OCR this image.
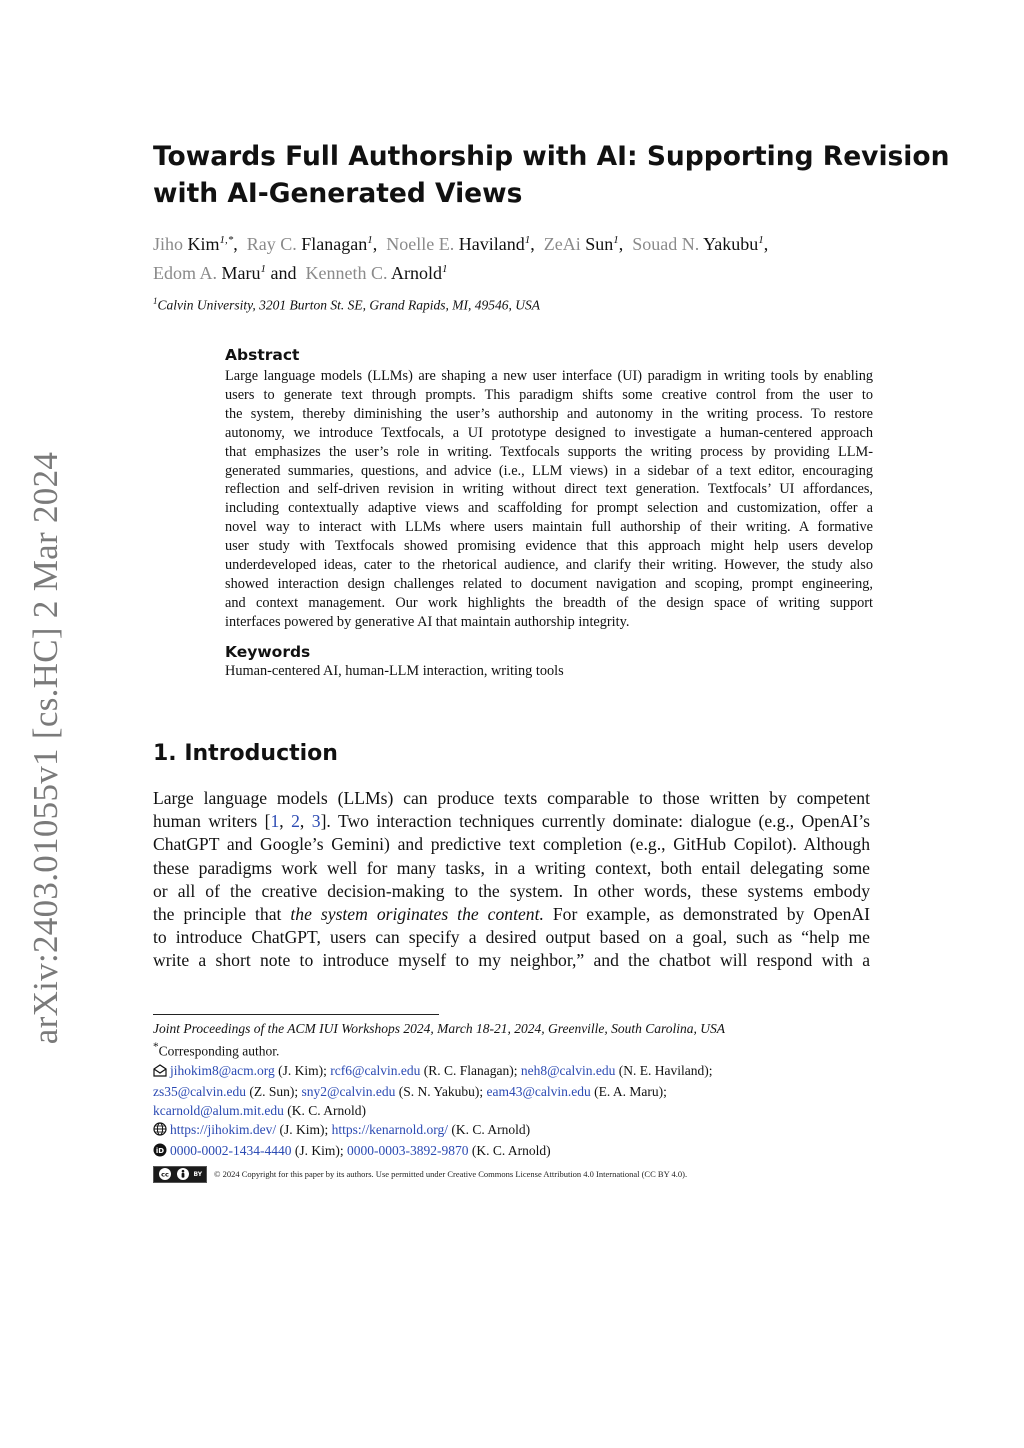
arXiv:2403.01055v1 [cs.HC] 2 Mar 2024
Towards Full Authorship with AI: Supporting Revision
with AI-Generated Views
Jiho Kim$^{1,*}$, Ray C. Flanagan$^1$, Noelle E. Haviland$^1$, ZeAi Sun$^1$, Souad N. Yakubu$^1$,
Edom A. Maru$^1$ and Kenneth C. Arnold$^1$
$^1$Calvin University, 3201 Burton St. SE, Grand Rapids, MI, 49546, USA
Abstract
Large language models (LLMs) are shaping a new user interface (UI) paradigm in writing tools by enabling
users to generate text through prompts. This paradigm shifts some creative control from the user to
the system, thereby diminishing the user’s authorship and autonomy in the writing process. To restore
autonomy, we introduce Textfocals, a UI prototype designed to investigate a human-centered approach
that emphasizes the user’s role in writing. Textfocals supports the writing process by providing LLM-
generated summaries, questions, and advice (i.e., LLM views) in a sidebar of a text editor, encouraging
reflection and self-driven revision in writing without direct text generation. Textfocals’ UI affordances,
including contextually adaptive views and scaffolding for prompt selection and customization, offer a
novel way to interact with LLMs where users maintain full authorship of their writing. A formative
user study with Textfocals showed promising evidence that this approach might help users develop
underdeveloped ideas, cater to the rhetorical audience, and clarify their writing. However, the study also
showed interaction design challenges related to document navigation and scoping, prompt engineering,
and context management. Our work highlights the breadth of the design space of writing support
interfaces powered by generative AI that maintain authorship integrity.
Keywords
Human-centered AI, human-LLM interaction, writing tools
1. Introduction
Large language models (LLMs) can produce texts comparable to those written by competent
human writers [1, 2, 3]. Two interaction techniques currently dominate: dialogue (e.g., OpenAI’s
ChatGPT and Google’s Gemini) and predictive text completion (e.g., GitHub Copilot). Although
these paradigms work well for many tasks, in a writing context, both entail delegating some
or all of the creative decision-making to the system. In other words, these systems embody
the principle that the system originates the content. For example, as demonstrated by OpenAI
to introduce ChatGPT, users can specify a desired output based on a goal, such as “help me
write a short note to introduce myself to my neighbor,” and the chatbot will respond with a
Joint Proceedings of the ACM IUI Workshops 2024, March 18-21, 2024, Greenville, South Carolina, USA
*Corresponding author.
jihokim8@acm.org (J. Kim); rcf6@calvin.edu (R. C. Flanagan); neh8@calvin.edu (N. E. Haviland);
zs35@calvin.edu (Z. Sun); sny2@calvin.edu (S. N. Yakubu); eam43@calvin.edu (E. A. Maru);
kcarnold@alum.mit.edu (K. C. Arnold)
https://jihokim.dev/ (J. Kim); https://kenarnold.org/ (K. C. Arnold)
iD 0000-0002-1434-4440 (J. Kim); 0000-0003-3892-9870 (K. C. Arnold)
cc	BY © 2024 Copyright for this paper by its authors. Use permitted under Creative Commons License Attribution 4.0 International (CC BY 4.0).
